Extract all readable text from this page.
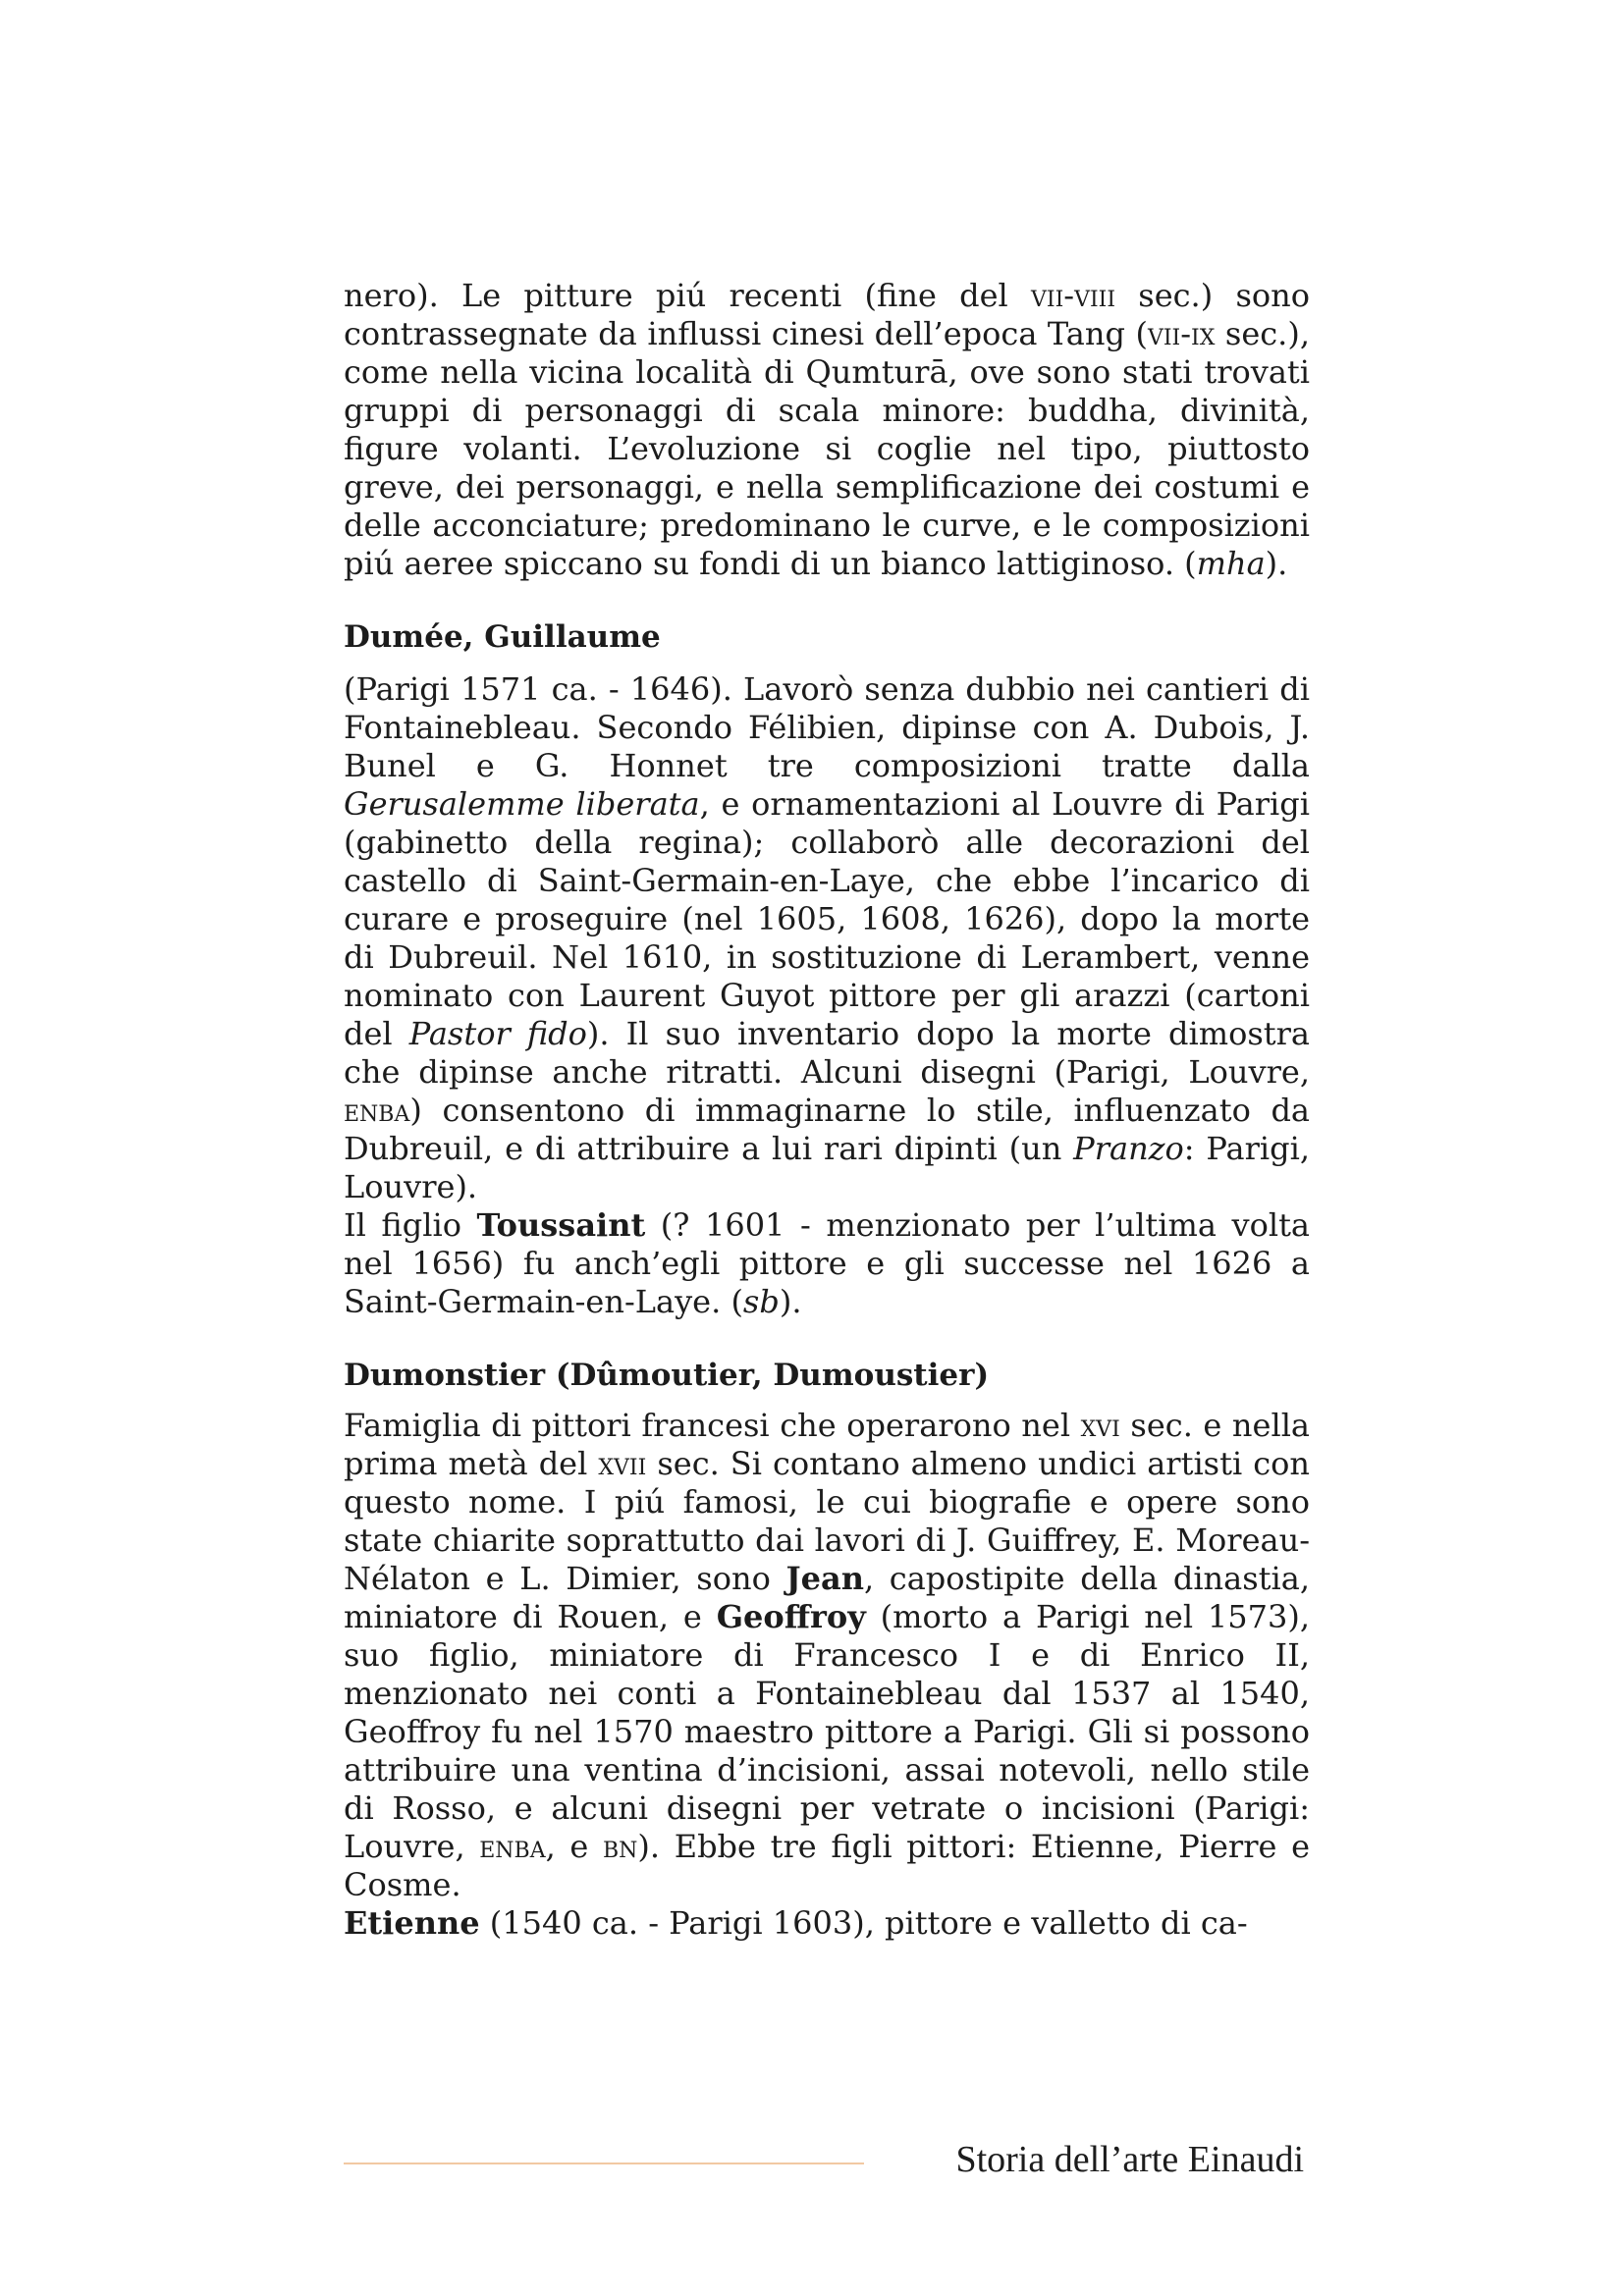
nero). Le pitture piú recenti (fine del vii-viii sec.) sono contrassegnate da influssi cinesi dell’epoca Tang (vii-ix sec.), come nella vicina località di Qumturā, ove sono stati trovati gruppi di personaggi di scala minore: buddha, divinità, figure volanti. L’evoluzione si coglie nel tipo, piuttosto greve, dei personaggi, e nella semplificazione dei costumi e delle acconciature; predominano le curve, e le composizioni piú aeree spiccano su fondi di un bianco lattiginoso. (mha).

Dumée, Guillaume

(Parigi 1571 ca. - 1646). Lavorò senza dubbio nei cantieri di Fontainebleau. Secondo Félibien, dipinse con A. Dubois, J. Bunel e G. Honnet tre composizioni tratte dalla Gerusalemme liberata, e ornamentazioni al Louvre di Parigi (gabinetto della regina); collaborò alle decorazioni del castello di Saint-Germain-en-Laye, che ebbe l’incarico di curare e proseguire (nel 1605, 1608, 1626), dopo la morte di Dubreuil. Nel 1610, in sostituzione di Lerambert, venne nominato con Laurent Guyot pittore per gli arazzi (cartoni del Pastor fido). Il suo inventario dopo la morte dimostra che dipinse anche ritratti. Alcuni disegni (Parigi, Louvre, enba) consentono di immaginarne lo stile, influenzato da Dubreuil, e di attribuire a lui rari dipinti (un Pranzo: Parigi, Louvre).

Il figlio Toussaint (? 1601 - menzionato per l’ultima volta nel 1656) fu anch’egli pittore e gli successe nel 1626 a Saint-Germain-en-Laye. (sb).

Dumonstier (Dûmoutier, Dumoustier)

Famiglia di pittori francesi che operarono nel xvi sec. e nella prima metà del xvii sec. Si contano almeno undici artisti con questo nome. I piú famosi, le cui biografie e opere sono state chiarite soprattutto dai lavori di J. Guiffrey, E. Moreau-Nélaton e L. Dimier, sono Jean, capostipite della dinastia, miniatore di Rouen, e Geoffroy (morto a Parigi nel 1573), suo figlio, miniatore di Francesco I e di Enrico II, menzionato nei conti a Fontainebleau dal 1537 al 1540, Geoffroy fu nel 1570 maestro pittore a Parigi. Gli si possono attribuire una ventina d’incisioni, assai notevoli, nello stile di Rosso, e alcuni disegni per vetrate o incisioni (Parigi: Louvre, enba, e bn). Ebbe tre figli pittori: Etienne, Pierre e Cosme.

Etienne (1540 ca. - Parigi 1603), pittore e valletto di ca-

Storia dell’arte Einaudi
